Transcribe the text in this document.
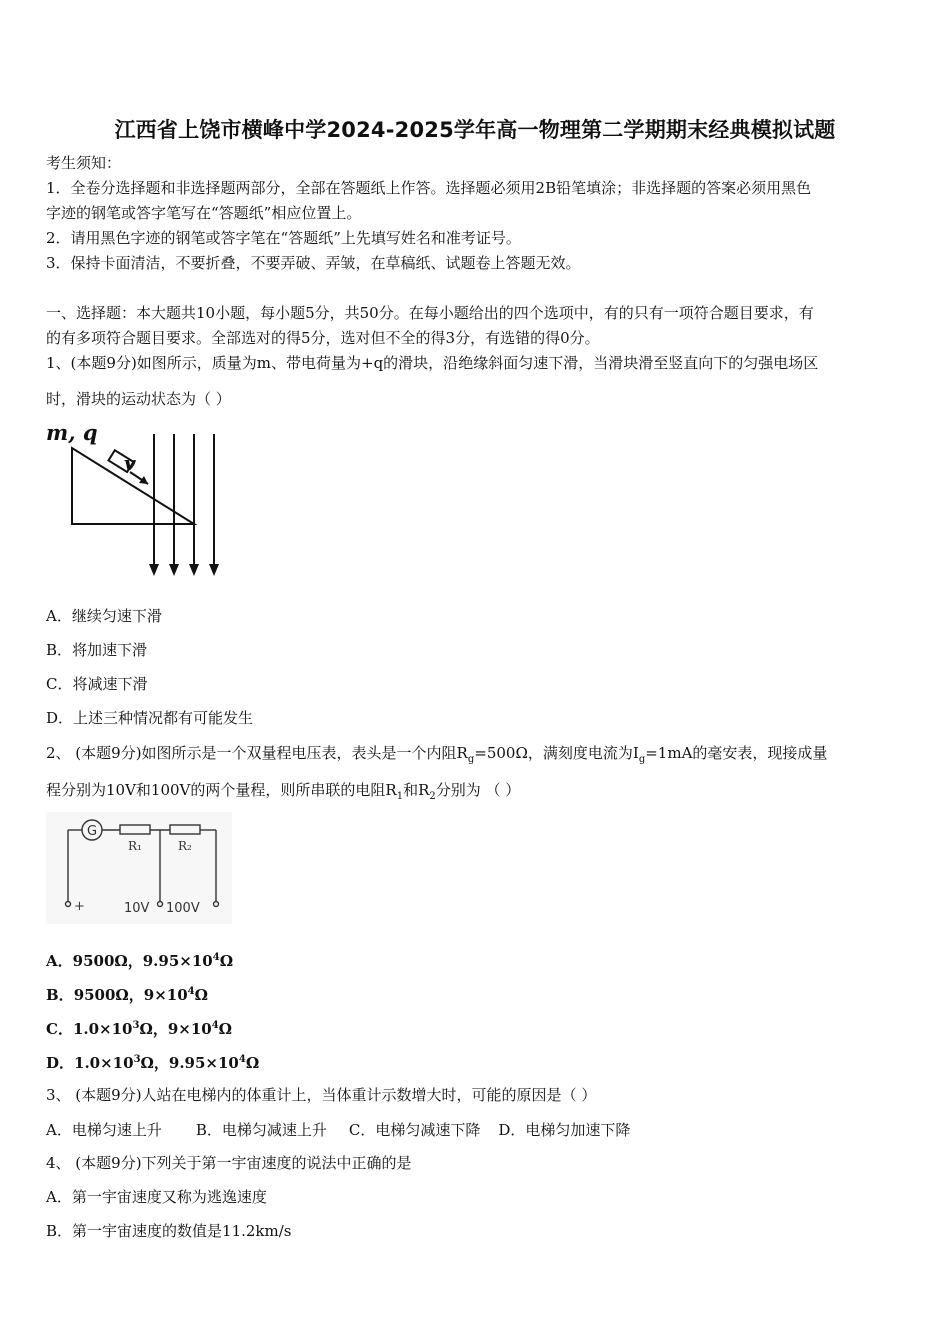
江西省上饶市横峰中学2024-2025学年高一物理第二学期期末经典模拟试题
考生须知：
1．全卷分选择题和非选择题两部分，全部在答题纸上作答。选择题必须用2B铅笔填涂；非选择题的答案必须用黑色
字迹的钢笔或答字笔写在“答题纸”相应位置上。
2．请用黑色字迹的钢笔或答字笔在“答题纸”上先填写姓名和准考证号。
3．保持卡面清洁，不要折叠，不要弄破、弄皱，在草稿纸、试题卷上答题无效。
一、选择题：本大题共10小题，每小题5分，共50分。在每小题给出的四个选项中，有的只有一项符合题目要求，有
的有多项符合题目要求。全部选对的得5分，选对但不全的得3分，有选错的得0分。
1、(本题9分)如图所示，质量为m、带电荷量为+q的滑块，沿绝缘斜面匀速下滑，当滑块滑至竖直向下的匀强电场区
时，滑块的运动状态为（ ）
m, q
v
A．继续匀速下滑
B．将加速下滑
C．将减速下滑
D．上述三种情况都有可能发生
2、 (本题9分)如图所示是一个双量程电压表，表头是一个内阻$R_g=500\Omega$，满刻度电流为$I_g=1mA$的毫安表，现接成量
程分别为10V和100V的两个量程，则所串联的电阻$R_1$和$R_2$分别为 （ ）
G
R₁	R₂
+	10V 100V
A．9500Ω，$9.95\times 10^4\Omega$
B．9500Ω，$9\times 10^4\Omega$
C．$1.0\times 10^3\Omega$，$9\times 10^4\Omega$
D．$1.0\times 10^3\Omega$，$9.95\times 10^4\Omega$
3、 (本题9分)人站在电梯内的体重计上，当体重计示数增大时，可能的原因是（ ）
A．电梯匀速上升 B．电梯匀减速上升 C．电梯匀减速下降 D．电梯匀加速下降
4、 (本题9分)下列关于第一宇宙速度的说法中正确的是
A．第一宇宙速度又称为逃逸速度
B．第一宇宙速度的数值是11.2km/s
